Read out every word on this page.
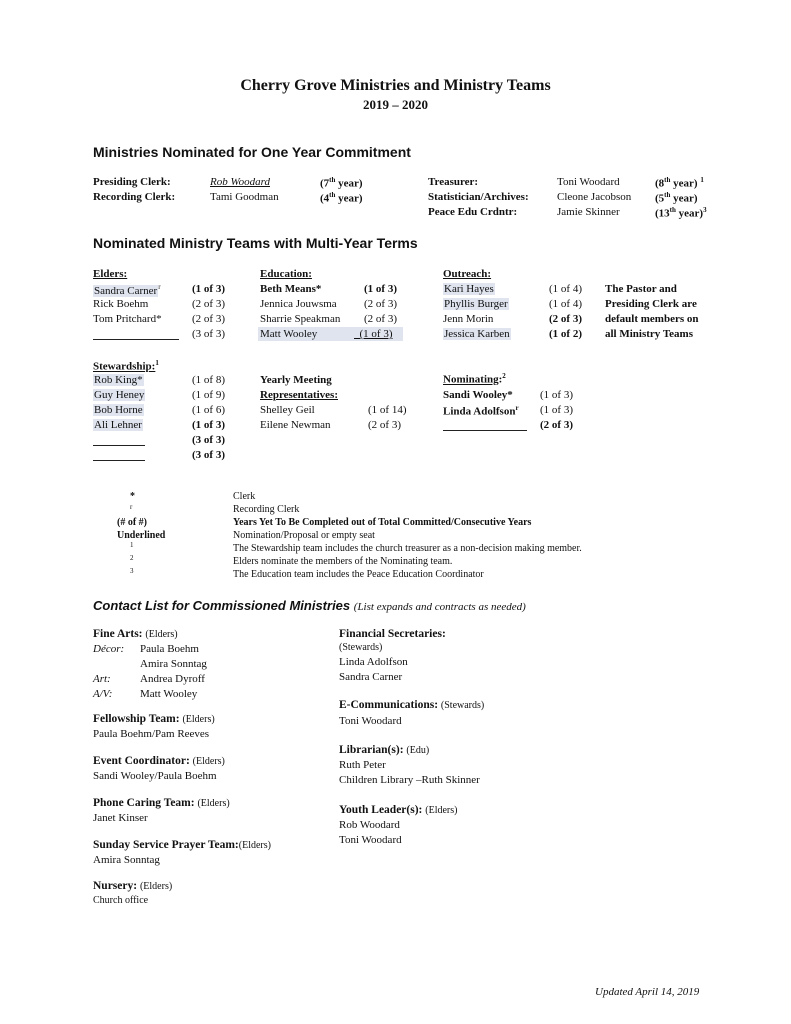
Cherry Grove Ministries and Ministry Teams
2019 – 2020
Ministries Nominated for One Year Commitment
Presiding Clerk:	Rob Woodard	(7th year)
Recording Clerk:	Tami Goodman	(4th year)
Treasurer:	Toni Woodard	(8th year) $^1$
Statistician/Archives:	Cleone Jacobson (5th year)
Peace Edu Crdntr:	Jamie Skinner	(13th year)$^3$
Nominated Ministry Teams with Multi-Year Terms
Elders:
Sandra Carner$^r$	(1 of 3)
Rick Boehm	(2 of 3)
Tom Pritchard*	(2 of 3)
(3 of 3)
Education:
Beth Means*	(1 of 3)
Jennica Jouwsma (2 of 3)
Sharrie Speakman (2 of 3)
Matt Wooley	(1 of 3)
Outreach:
Kari Hayes	(1 of 4)
Phyllis Burger	(1 of 4)
Jenn Morin	(2 of 3)
Jessica Karben	(1 of 2)
The Pastor and
Presiding Clerk are
default members on
all Ministry Teams
Stewardship:$^1$
Rob King*	(1 of 8)
Guy Heney	(1 of 9)
Bob Horne	(1 of 6)
Ali Lehner	(1 of 3)
(3 of 3)
(3 of 3)
Yearly Meeting
Representatives:
Shelley Geil	(1 of 14)
Eilene Newman	(2 of 3)
Nominating:$^2$
Sandi Wooley* (1 of 3)
Linda Adolfson$^r$ (1 of 3)
(2 of 3)
*	Clerk
r	Recording Clerk
(# of #)	Years Yet To Be Completed out of Total Committed/Consecutive Years
Underlined	Nomination/Proposal or empty seat
1	The Stewardship team includes the church treasurer as a non-decision making member.
2	Elders nominate the members of the Nominating team.
3	The Education team includes the Peace Education Coordinator
Contact List for Commissioned Ministries (List expands and contracts as needed)
Fine Arts: (Elders)
Décor: Paula Boehm
Amira Sonntag
Art:	Andrea Dyroff
A/V:	Matt Wooley
Fellowship Team: (Elders)
Paula Boehm/Pam Reeves
Event Coordinator: (Elders)
Sandi Wooley/Paula Boehm
Phone Caring Team: (Elders)
Janet Kinser
Sunday Service Prayer Team:(Elders)
Amira Sonntag
Nursery: (Elders)
Church office
Financial Secretaries:
(Stewards)
Linda Adolfson
Sandra Carner
E-Communications: (Stewards)
Toni Woodard
Librarian(s): (Edu)
Ruth Peter
Children Library –Ruth Skinner
Youth Leader(s): (Elders)
Rob Woodard
Toni Woodard
Updated April 14, 2019
